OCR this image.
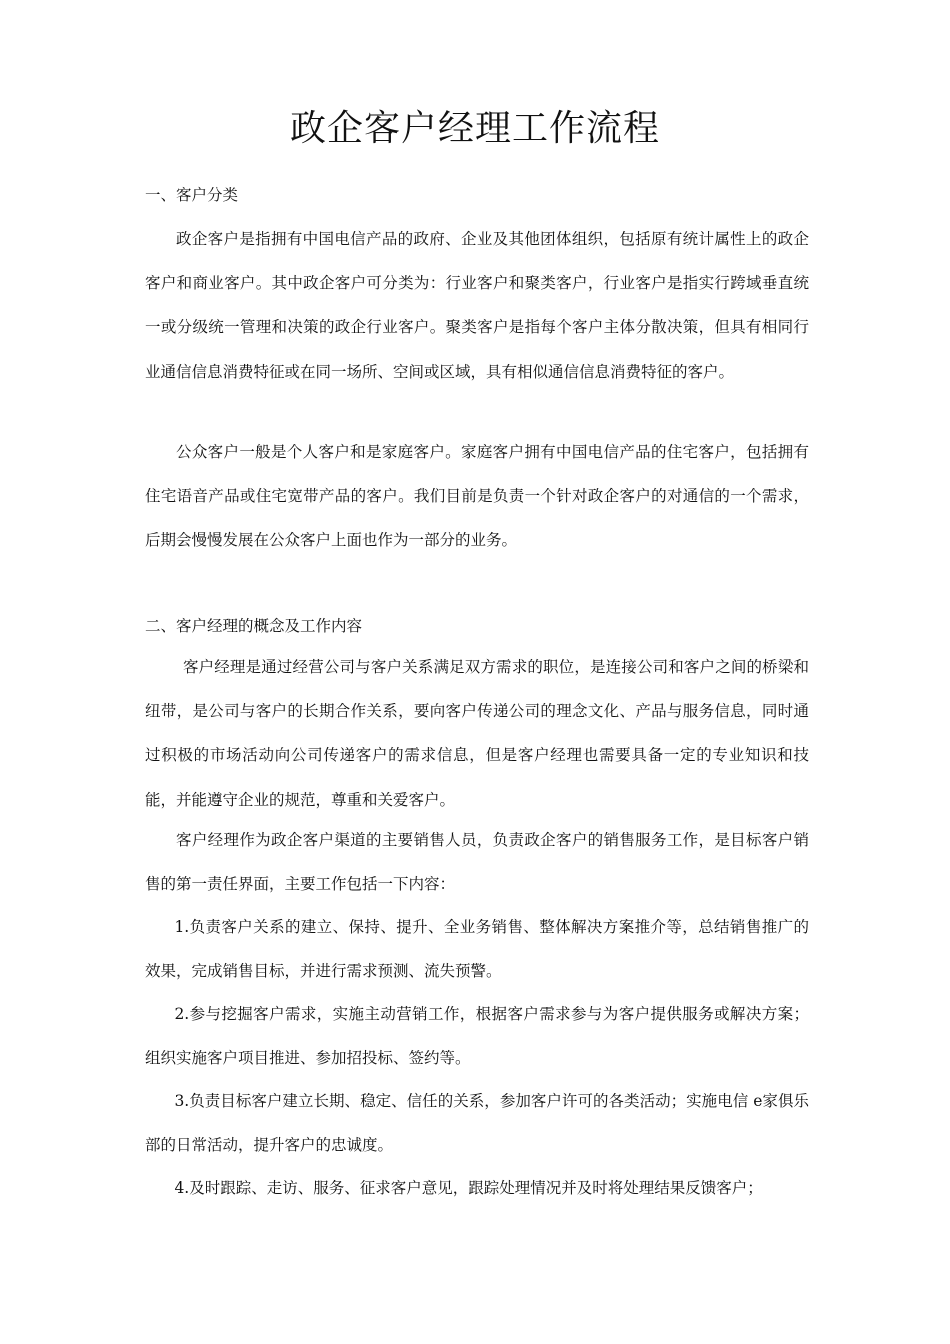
政企客户经理工作流程
一、客户分类
政企客户是指拥有中国电信产品的政府、企业及其他团体组织，包括原有统计属性上的政企客户和商业客户。其中政企客户可分类为：行业客户和聚类客户，行业客户是指实行跨域垂直统一或分级统一管理和决策的政企行业客户。聚类客户是指每个客户主体分散决策，但具有相同行业通信信息消费特征或在同一场所、空间或区域，具有相似通信信息消费特征的客户。
公众客户一般是个人客户和是家庭客户。家庭客户拥有中国电信产品的住宅客户，包括拥有住宅语音产品或住宅宽带产品的客户。我们目前是负责一个针对政企客户的对通信的一个需求，后期会慢慢发展在公众客户上面也作为一部分的业务。
二、客户经理的概念及工作内容
客户经理是通过经营公司与客户关系满足双方需求的职位，是连接公司和客户之间的桥梁和纽带，是公司与客户的长期合作关系，要向客户传递公司的理念文化、产品与服务信息，同时通过积极的市场活动向公司传递客户的需求信息，但是客户经理也需要具备一定的专业知识和技能，并能遵守企业的规范，尊重和关爱客户。
客户经理作为政企客户渠道的主要销售人员，负责政企客户的销售服务工作，是目标客户销售的第一责任界面，主要工作包括一下内容：
1.负责客户关系的建立、保持、提升、全业务销售、整体解决方案推介等，总结销售推广的效果，完成销售目标，并进行需求预测、流失预警。
2.参与挖掘客户需求，实施主动营销工作，根据客户需求参与为客户提供服务或解决方案；组织实施客户项目推进、参加招投标、签约等。
3.负责目标客户建立长期、稳定、信任的关系，参加客户许可的各类活动；实施电信 e家俱乐部的日常活动，提升客户的忠诚度。
4.及时跟踪、走访、服务、征求客户意见，跟踪处理情况并及时将处理结果反馈客户；
